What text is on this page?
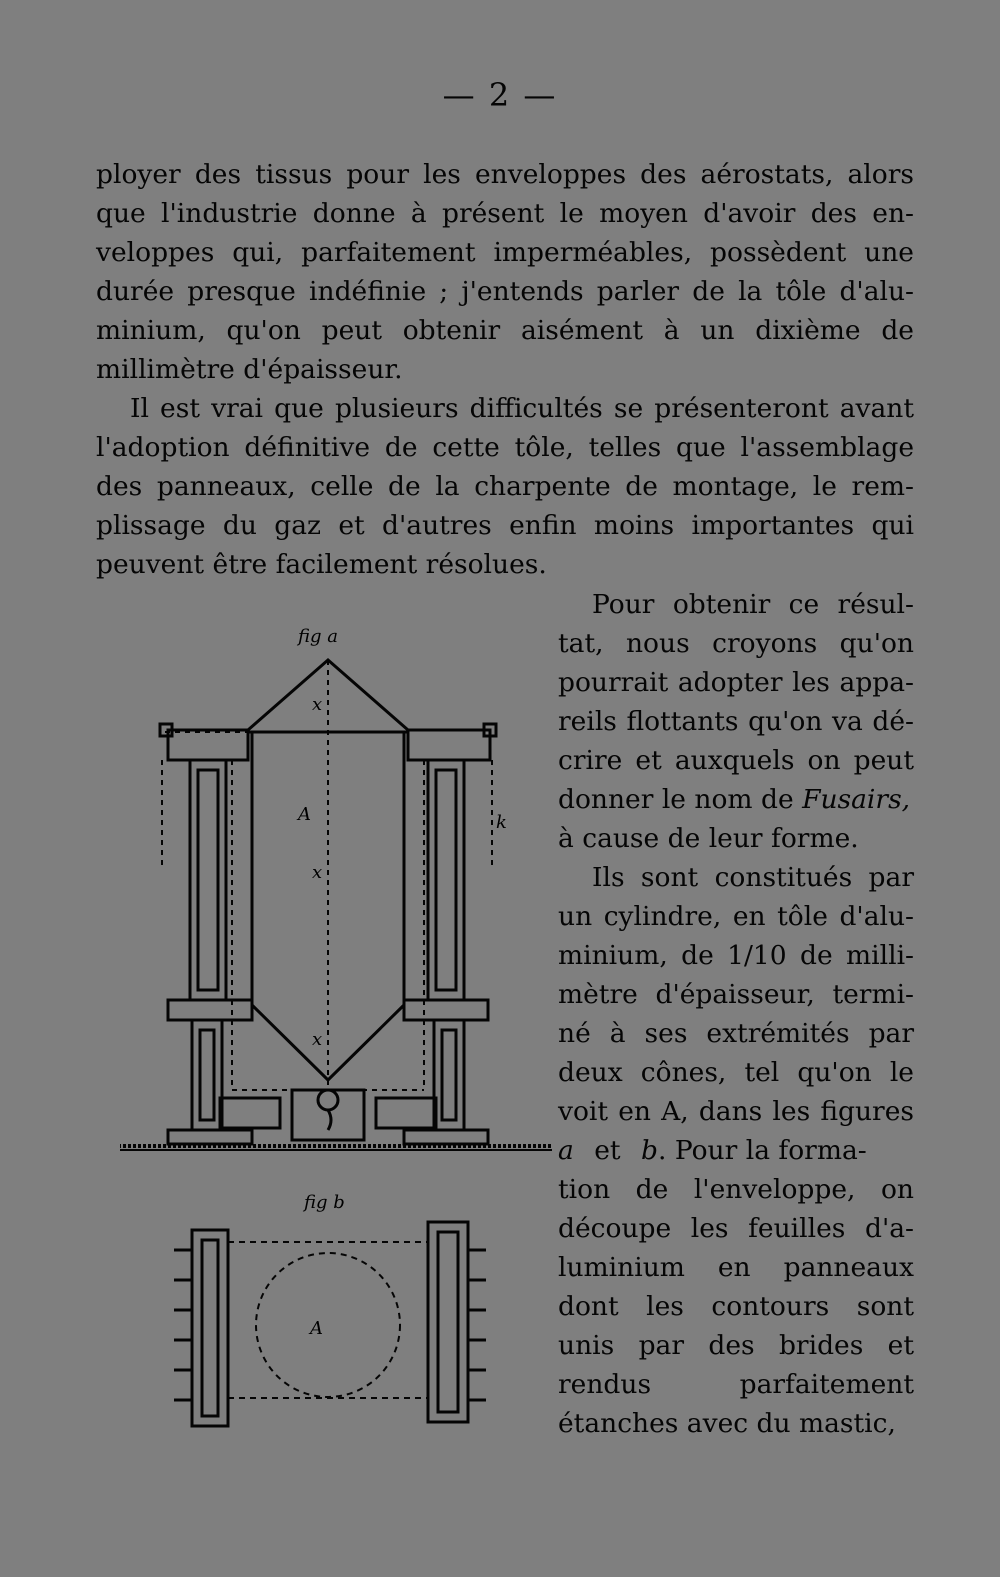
— 2 —
ployer des tissus pour les enveloppes des aérostats, alors
que l'industrie donne à présent le moyen d'avoir des en-
veloppes qui, parfaitement imperméables, possèdent une
durée presque indéfinie ; j'entends parler de la tôle d'alu-
minium, qu'on peut obtenir aisément à un dixième de
millimètre d'épaisseur.
Il est vrai que plusieurs difficultés se présenteront avant
l'adoption définitive de cette tôle, telles que l'assemblage
des panneaux, celle de la charpente de montage, le rem-
plissage du gaz et d'autres enfin moins importantes qui
peuvent être facilement résolues.
Pour obtenir ce résul-
tat, nous croyons qu'on
pourrait adopter les appa-
reils flottants qu'on va dé-
crire et auxquels on peut
donner le nom de Fusairs,
à cause de leur forme.
Ils sont constitués par
un cylindre, en tôle d'alu-
minium, de 1/10 de milli-
mètre d'épaisseur, termi-
né à ses extrémités par
deux cônes, tel qu'on le
voit en A, dans les figures
a et b. Pour la forma-
tion de l'enveloppe, on
découpe les feuilles d'a-
luminium en panneaux
dont les contours sont
unis par des brides et
rendus parfaitement
étanches avec du mastic,
fig a
A
x
x
x
k
fig b
A
